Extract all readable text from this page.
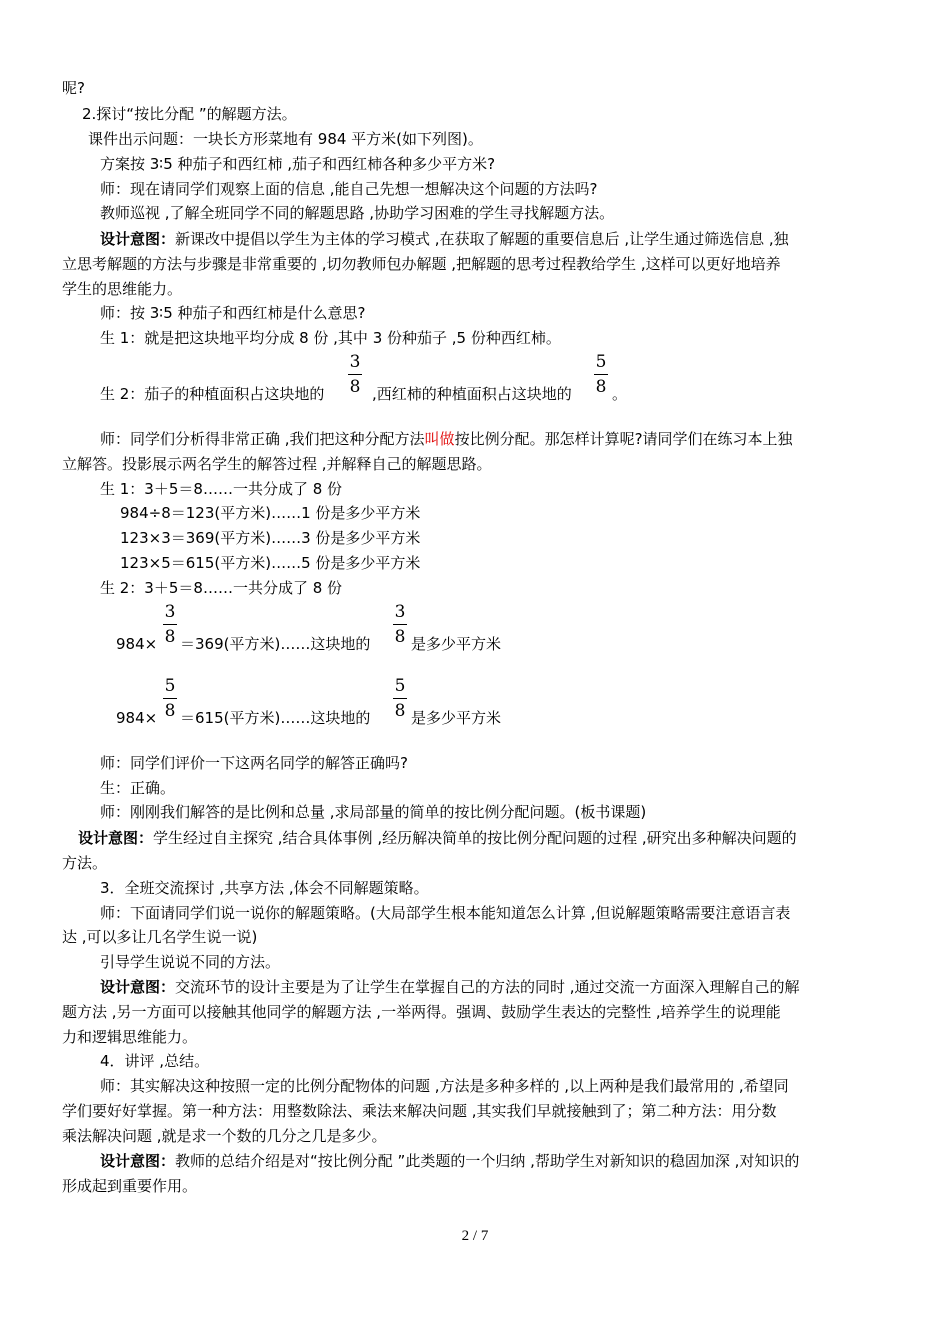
呢?
2.探讨“按比分配 ”的解题方法。
课件出示问题：一块长方形菜地有 984 平方米(如下列图)。
方案按 3∶5 种茄子和西红柿 ,茄子和西红柿各种多少平方米?
师：现在请同学们观察上面的信息 ,能自己先想一想解决这个问题的方法吗?
教师巡视 ,了解全班同学不同的解题思路 ,协助学习困难的学生寻找解题方法。
设计意图：新课改中提倡以学生为主体的学习模式 ,在获取了解题的重要信息后 ,让学生通过筛选信息 ,独
立思考解题的方法与步骤是非常重要的 ,切勿教师包办解题 ,把解题的思考过程教给学生 ,这样可以更好地培养
学生的思维能力。
师：按 3∶5 种茄子和西红柿是什么意思?
生 1：就是把这块地平均分成 8 份 ,其中 3 份种茄子 ,5 份种西红柿。
生 2：茄子的种植面积占这块地的
3
8 ,西红柿的种植面积占这块地的
5
8 。
师：同学们分析得非常正确 ,我们把这种分配方法叫做按比例分配。那怎样计算呢?请同学们在练习本上独
立解答。投影展示两名学生的解答过程 ,并解释自己的解题思路。
生 1：3＋5＝8……一共分成了 8 份
984÷8＝123(平方米)……1 份是多少平方米
123×3＝369(平方米)……3 份是多少平方米
123×5＝615(平方米)……5 份是多少平方米
生 2：3＋5＝8……一共分成了 8 份
984×
3
8 ＝369(平方米)……这块地的
3
8 是多少平方米
984×
5
8 ＝615(平方米)……这块地的
5
8 是多少平方米
师：同学们评价一下这两名同学的解答正确吗?
生：正确。
师：刚刚我们解答的是比例和总量 ,求局部量的简单的按比例分配问题。(板书课题)
设计意图：学生经过自主探究 ,结合具体事例 ,经历解决简单的按比例分配问题的过程 ,研究出多种解决问题的
方法。
3．全班交流探讨 ,共享方法 ,体会不同解题策略。
师：下面请同学们说一说你的解题策略。(大局部学生根本能知道怎么计算 ,但说解题策略需要注意语言表
达 ,可以多让几名学生说一说)
引导学生说说不同的方法。
设计意图：交流环节的设计主要是为了让学生在掌握自己的方法的同时 ,通过交流一方面深入理解自己的解
题方法 ,另一方面可以接触其他同学的解题方法 ,一举两得。强调、鼓励学生表达的完整性 ,培养学生的说理能
力和逻辑思维能力。
4．讲评 ,总结。
师：其实解决这种按照一定的比例分配物体的问题 ,方法是多种多样的 ,以上两种是我们最常用的 ,希望同
学们要好好掌握。第一种方法：用整数除法、乘法来解决问题 ,其实我们早就接触到了；第二种方法：用分数
乘法解决问题 ,就是求一个数的几分之几是多少。
设计意图：教师的总结介绍是对“按比例分配 ”此类题的一个归纳 ,帮助学生对新知识的稳固加深 ,对知识的
形成起到重要作用。
2 / 7
